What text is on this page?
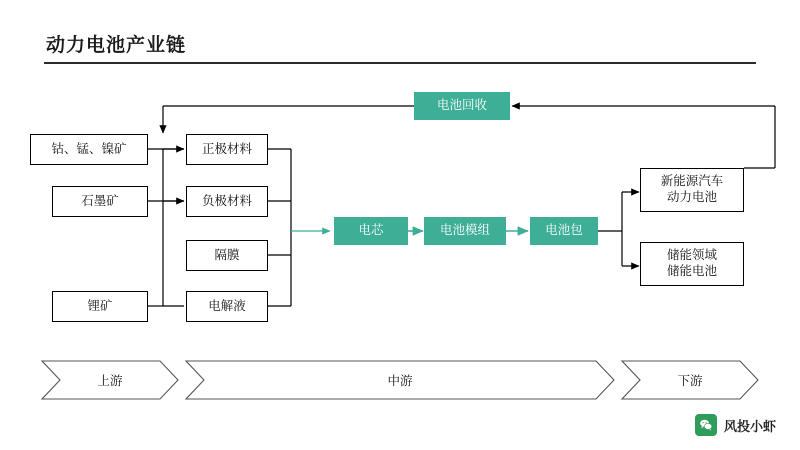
动力电池产业链
钴、锰、镍矿
石墨矿
锂矿
正极材料
负极材料
隔膜
电解液
电芯	电池模组	电池包
电池回收
新能源汽车
动力电池
储能领域
储能电池
上游	中游	下游
风投小虾
